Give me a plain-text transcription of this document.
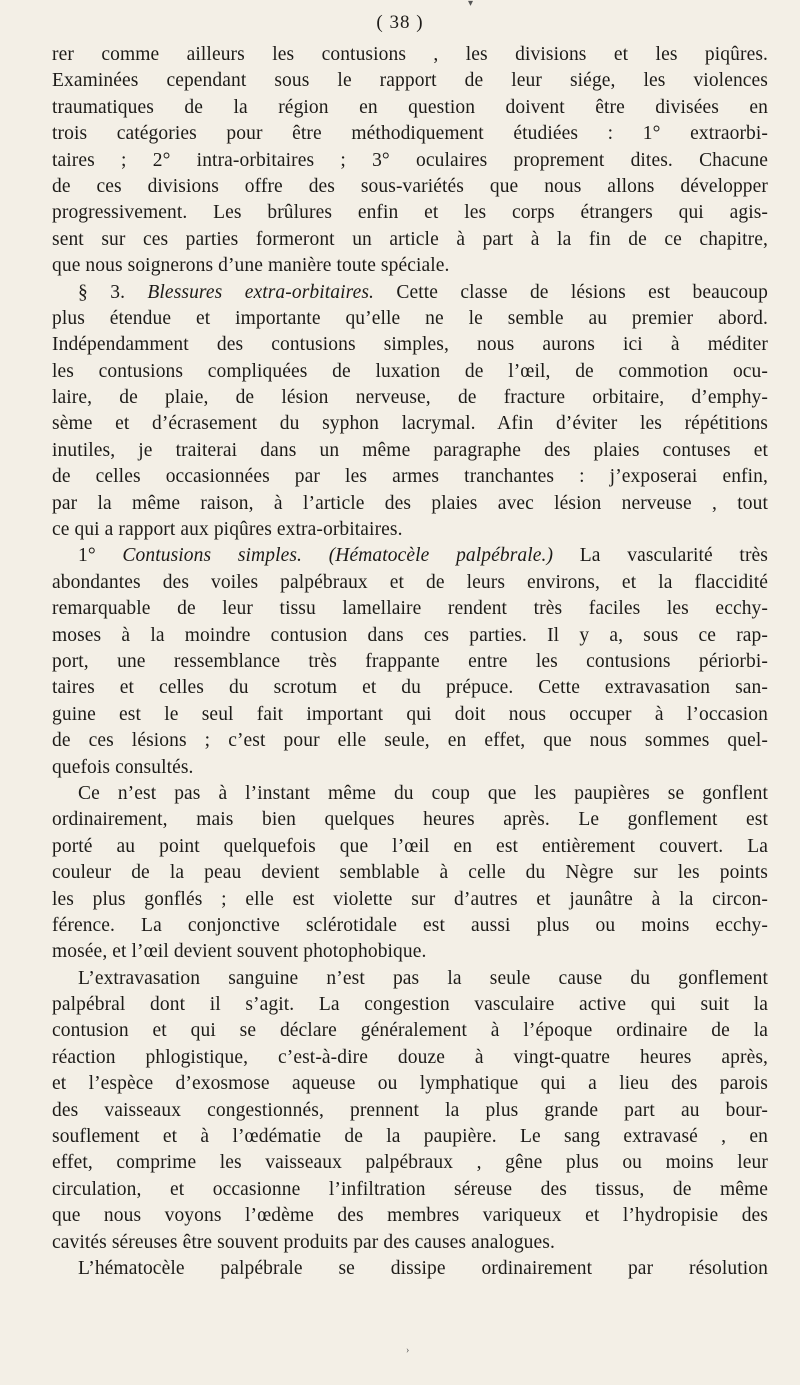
( 38 )
▾
›
rer comme ailleurs les contusions , les divisions et les piqûres.
Examinées cependant sous le rapport de leur siége, les violences
traumatiques de la région en question doivent être divisées en
trois catégories pour être méthodiquement étudiées : 1° extraorbi-
taires ; 2° intra-orbitaires ; 3° oculaires proprement dites. Chacune
de ces divisions offre des sous-variétés que nous allons développer
progressivement. Les brûlures enfin et les corps étrangers qui agis-
sent sur ces parties formeront un article à part à la fin de ce chapitre,
que nous soignerons d’une manière toute spéciale.
§ 3. Blessures extra-orbitaires. Cette classe de lésions est beaucoup
plus étendue et importante qu’elle ne le semble au premier abord.
Indépendamment des contusions simples, nous aurons ici à méditer
les contusions compliquées de luxation de l’œil, de commotion ocu-
laire, de plaie, de lésion nerveuse, de fracture orbitaire, d’emphy-
sème et d’écrasement du syphon lacrymal. Afin d’éviter les répétitions
inutiles, je traiterai dans un même paragraphe des plaies contuses et
de celles occasionnées par les armes tranchantes : j’exposerai enfin,
par la même raison, à l’article des plaies avec lésion nerveuse , tout
ce qui a rapport aux piqûres extra-orbitaires.
1° Contusions simples. (Hématocèle palpébrale.) La vascularité très
abondantes des voiles palpébraux et de leurs environs, et la flaccidité
remarquable de leur tissu lamellaire rendent très faciles les ecchy-
moses à la moindre contusion dans ces parties. Il y a, sous ce rap-
port, une ressemblance très frappante entre les contusions périorbi-
taires et celles du scrotum et du prépuce. Cette extravasation san-
guine est le seul fait important qui doit nous occuper à l’occasion
de ces lésions ; c’est pour elle seule, en effet, que nous sommes quel-
quefois consultés.
Ce n’est pas à l’instant même du coup que les paupières se gonflent
ordinairement, mais bien quelques heures après. Le gonflement est
porté au point quelquefois que l’œil en est entièrement couvert. La
couleur de la peau devient semblable à celle du Nègre sur les points
les plus gonflés ; elle est violette sur d’autres et jaunâtre à la circon-
férence. La conjonctive sclérotidale est aussi plus ou moins ecchy-
mosée, et l’œil devient souvent photophobique.
L’extravasation sanguine n’est pas la seule cause du gonflement
palpébral dont il s’agit. La congestion vasculaire active qui suit la
contusion et qui se déclare généralement à l’époque ordinaire de la
réaction phlogistique, c’est-à-dire douze à vingt-quatre heures après,
et l’espèce d’exosmose aqueuse ou lymphatique qui a lieu des parois
des vaisseaux congestionnés, prennent la plus grande part au bour-
souflement et à l’œdématie de la paupière. Le sang extravasé , en
effet, comprime les vaisseaux palpébraux , gêne plus ou moins leur
circulation, et occasionne l’infiltration séreuse des tissus, de même
que nous voyons l’œdème des membres variqueux et l’hydropisie des
cavités séreuses être souvent produits par des causes analogues.
L’hématocèle palpébrale se dissipe ordinairement par résolution
